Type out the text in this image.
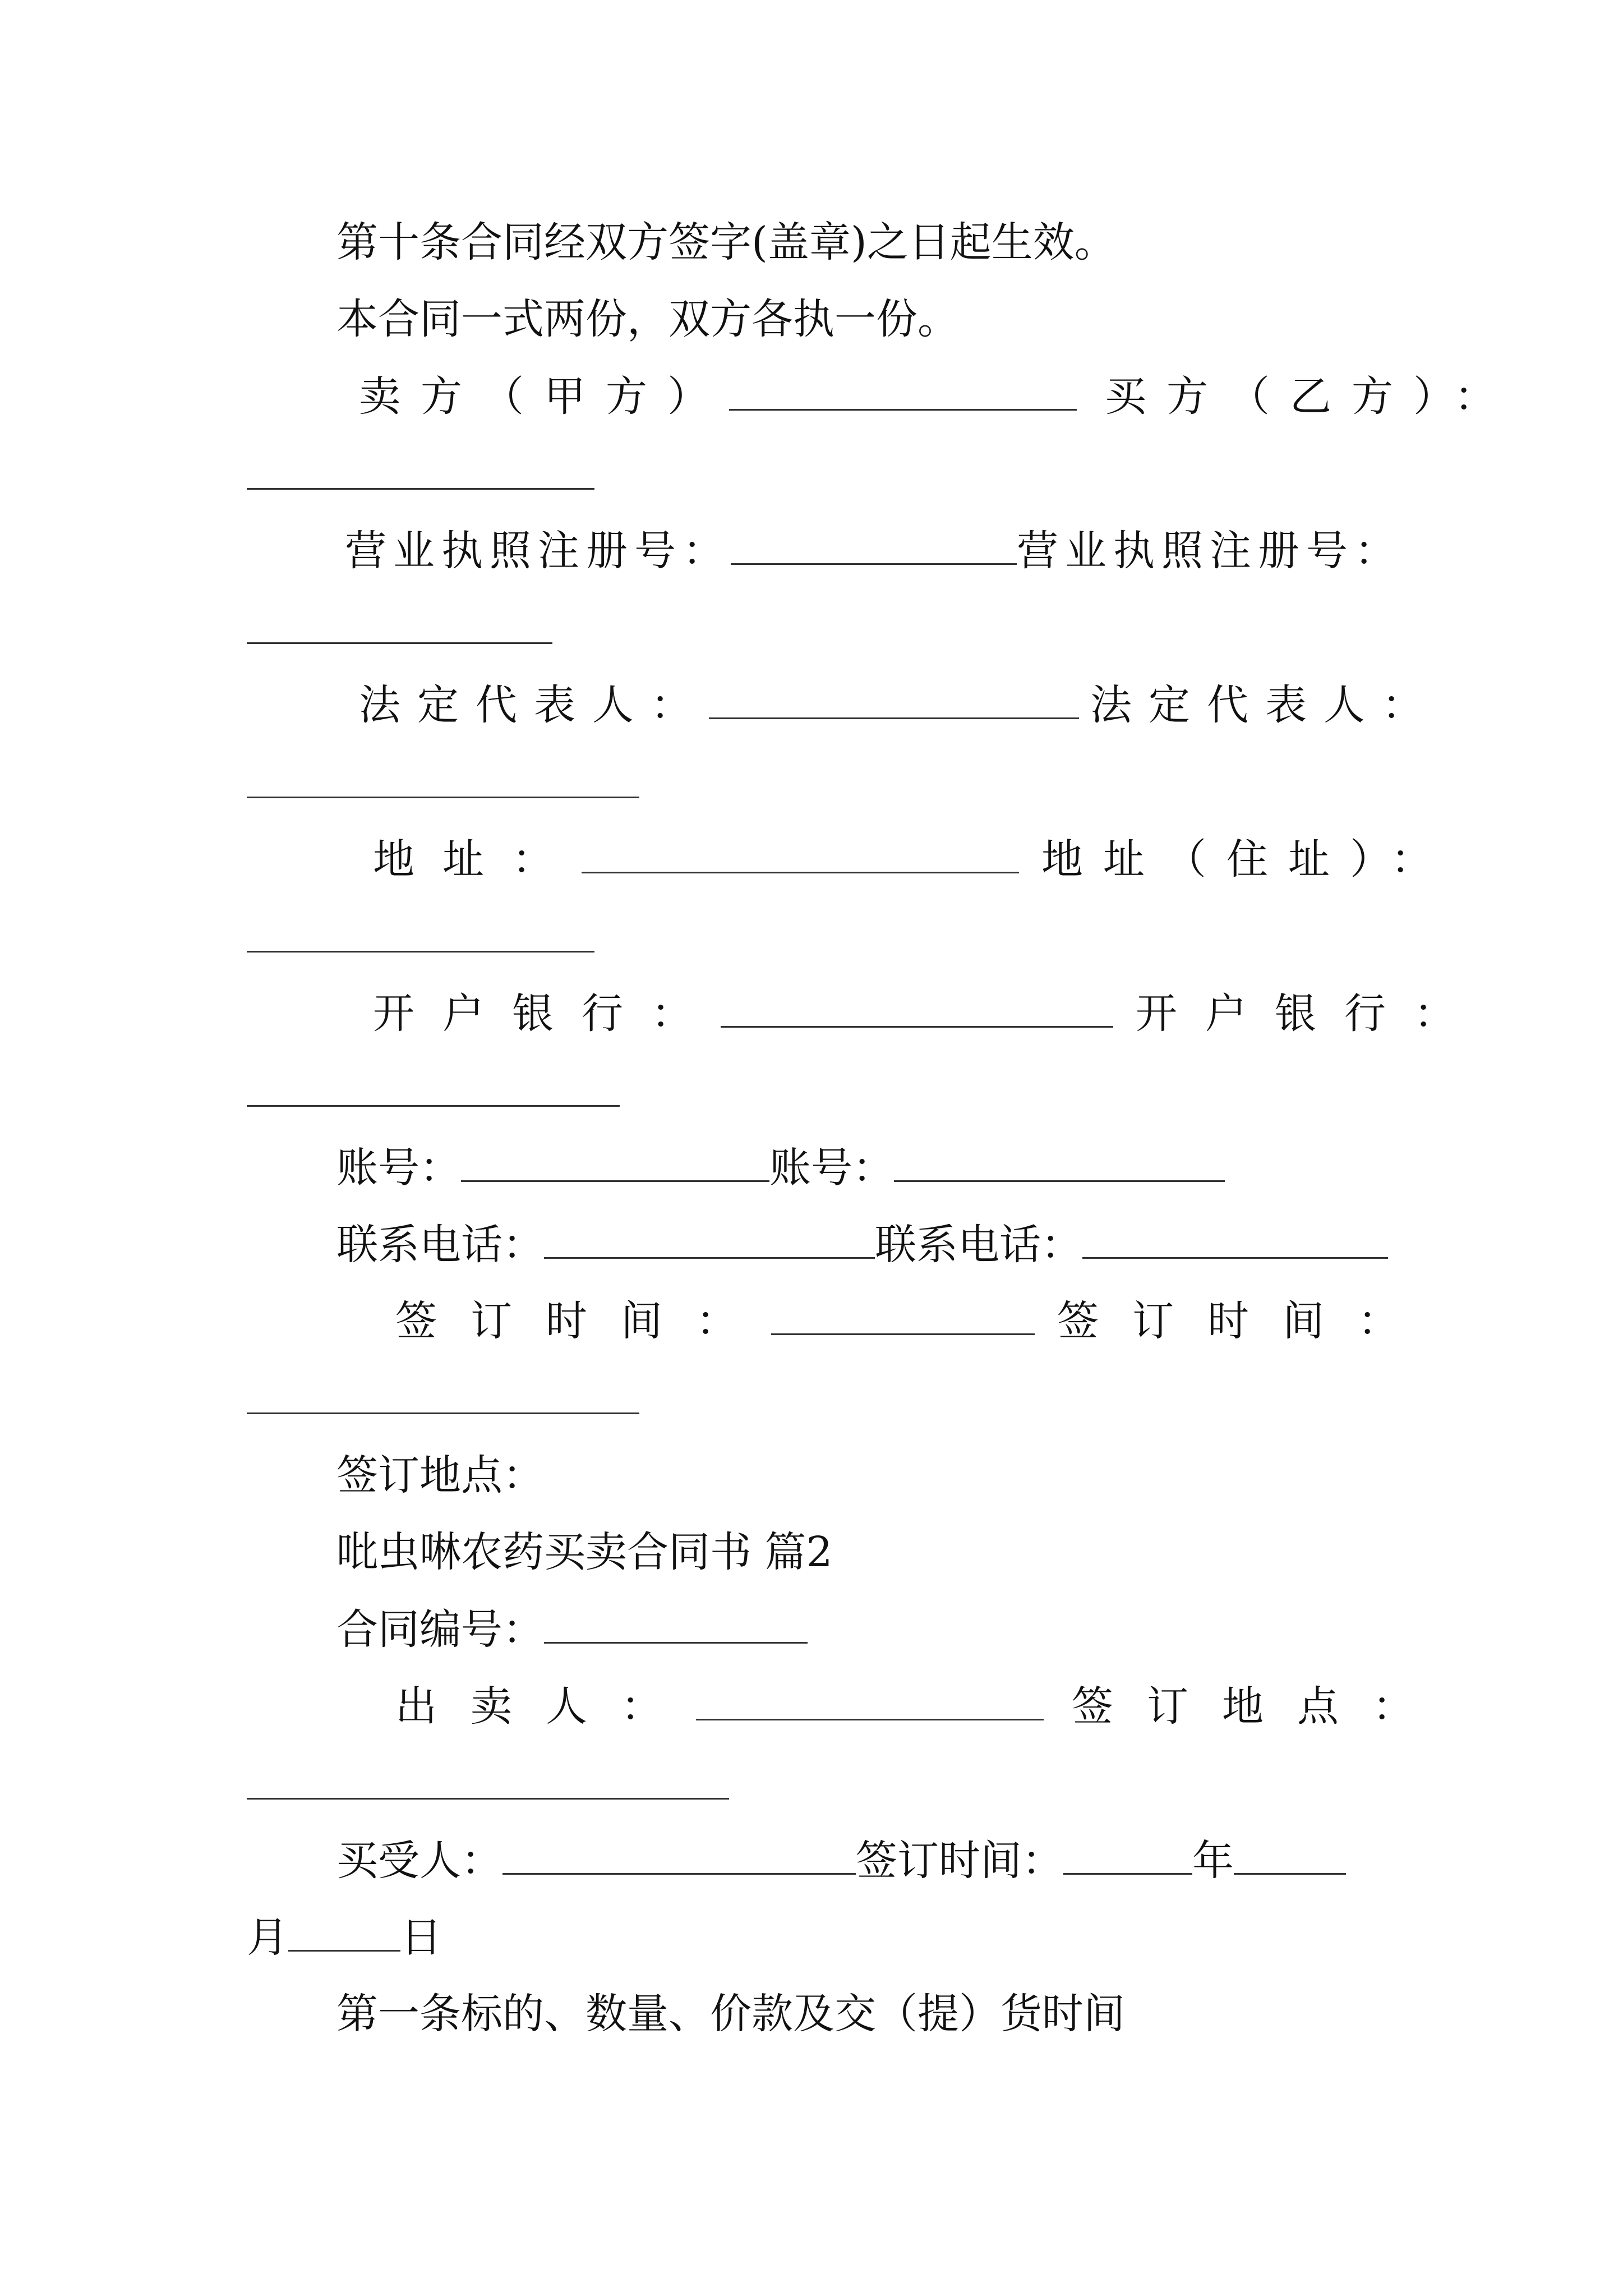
第十条合同经双方签字(盖章)之日起生效。
本合同一式两份，双方各执一份。
卖方（甲方）	买方（乙方）：
营业执照注册号：	营业执照注册号：
法定代表人：	法定代表人：
地址：	地址（住址）：
开户银行：	开户银行：
账号：	账号：
联系电话：	联系电话：
签订时间：	签订时间：
签订地点：
吡虫啉农药买卖合同书 篇2
合同编号：
出卖人：	签订地点：
买受人：	签订时间：	年
月	日
第一条标的、数量、价款及交（提）货时间
